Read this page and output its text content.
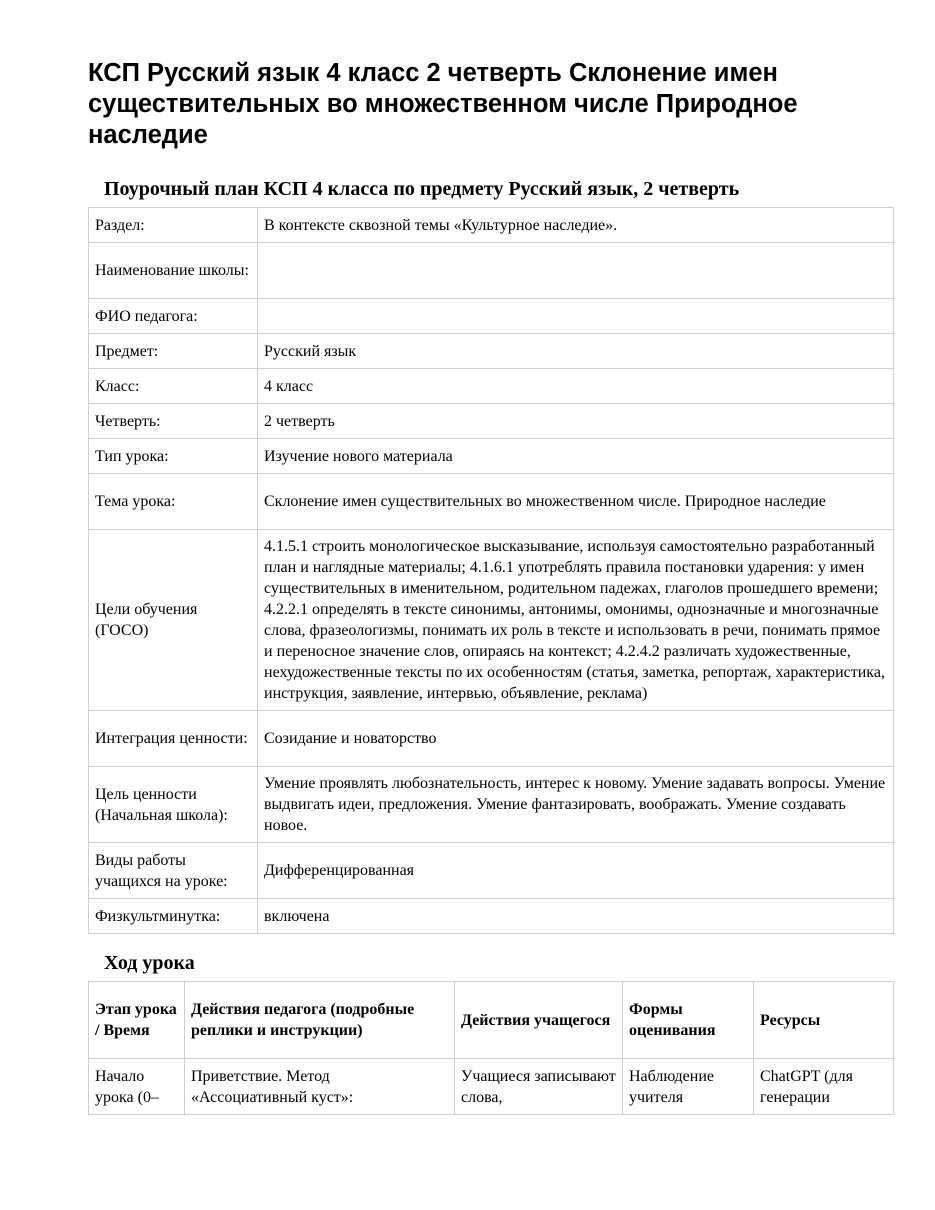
КСП Русский язык 4 класс 2 четверть Склонение имен существительных во множественном числе Природное наследие
Поурочный план КСП 4 класса по предмету Русский язык, 2 четверть
Раздел:	В контексте сквозной темы «Культурное наследие».
Наименование школы:	
ФИО педагога:	
Предмет:	Русский язык
Класс:	4 класс
Четверть:	2 четверть
Тип урока:	Изучение нового материала
Тема урока:	Склонение имен существительных во множественном числе. Природное наследие
Цели обучения (ГОСО)	4.1.5.1 строить монологическое высказывание, используя самостоятельно разработанный план и наглядные материалы; 4.1.6.1 употреблять правила постановки ударения: у имен существительных в именительном, родительном падежах, глаголов прошедшего времени; 4.2.2.1 определять в тексте синонимы, антонимы, омонимы, однозначные и многозначные слова, фразеологизмы, понимать их роль в тексте и использовать в речи, понимать прямое и переносное значение слов, опираясь на контекст; 4.2.4.2 различать художественные, нехудожественные тексты по их особенностям (статья, заметка, репортаж, характеристика, инструкция, заявление, интервью, объявление, реклама)
Интеграция ценности:	Созидание и новаторство
Цель ценности (Начальная школа):	Умение проявлять любознательность, интерес к новому. Умение задавать вопросы. Умение выдвигать идеи, предложения. Умение фантазировать, воображать. Умение создавать новое.
Виды работы учащихся на уроке:	Дифференцированная
Физкультминутка:	включена
Ход урока
Этап урока / Время	Действия педагога (подробные реплики и инструкции)	Действия учащегося	Формы оценивания	Ресурсы
Начало урока (0–	Приветствие. Метод «Ассоциативный куст»:	Учащиеся записывают слова,	Наблюдение учителя	ChatGPT (для генерации
